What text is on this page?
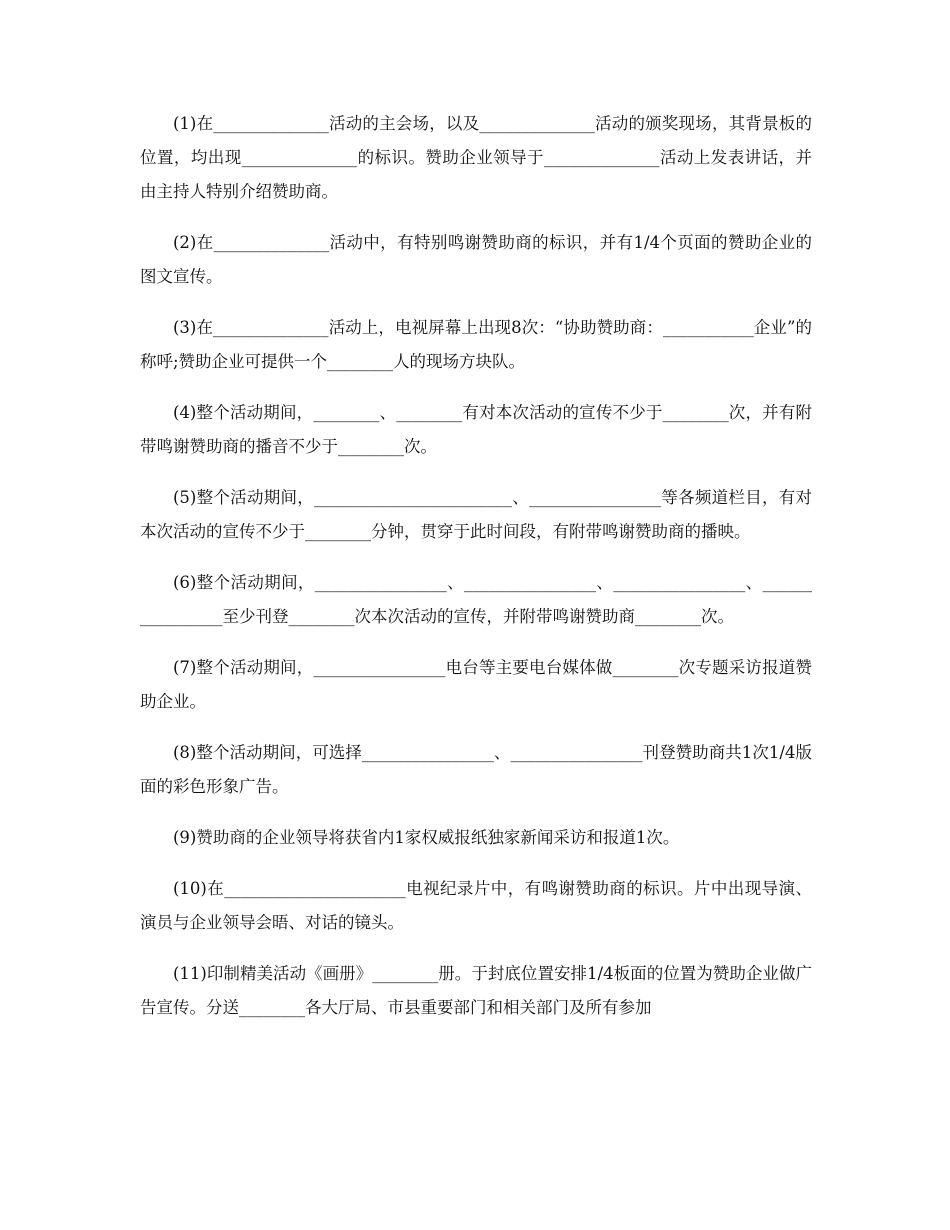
(1)在______________活动的主会场，以及______________活动的颁奖现场，其背景板的位置，均出现______________的标识。赞助企业领导于______________活动上发表讲话，并由主持人特别介绍赞助商。

(2)在______________活动中，有特别鸣谢赞助商的标识，并有1/4个页面的赞助企业的图文宣传。

(3)在______________活动上，电视屏幕上出现8次：“协助赞助商：___________企业”的称呼;赞助企业可提供一个________人的现场方块队。

(4)整个活动期间，________、________有对本次活动的宣传不少于________次，并有附带鸣谢赞助商的播音不少于________次。

(5)整个活动期间，________________________、________________等各频道栏目，有对本次活动的宣传不少于________分钟，贯穿于此时间段，有附带鸣谢赞助商的播映。

(6)整个活动期间，________________、________________、________________、________________至少刊登________次本次活动的宣传，并附带鸣谢赞助商________次。

(7)整个活动期间，________________电台等主要电台媒体做________次专题采访报道赞助企业。

(8)整个活动期间，可选择________________、________________刊登赞助商共1次1/4版面的彩色形象广告。

(9)赞助商的企业领导将获省内1家权威报纸独家新闻采访和报道1次。

(10)在______________________电视纪录片中，有鸣谢赞助商的标识。片中出现导演、演员与企业领导会晤、对话的镜头。

(11)印制精美活动《画册》________册。于封底位置安排1/4板面的位置为赞助企业做广告宣传。分送________各大厅局、市县重要部门和相关部门及所有参加
